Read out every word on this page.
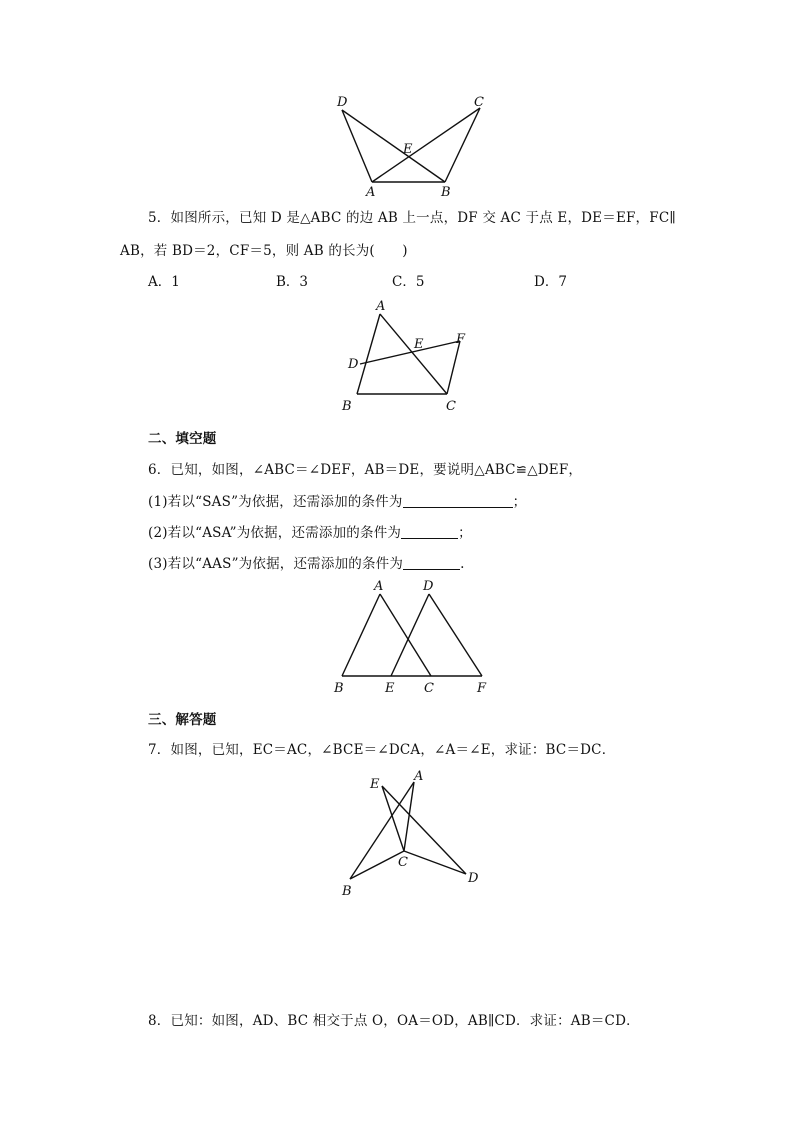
D	C
E
A	B
5．如图所示，已知 D 是△ABC 的边 AB 上一点，DF 交 AC 于点 E，DE＝EF，FC∥
AB，若 BD＝2，CF＝5，则 AB 的长为(　　)
A．1	B．3	C．5	D．7
A
E	F
D
B	C
二、填空题
6．已知，如图，∠ABC＝∠DEF，AB＝DE，要说明△ABC≌△DEF，
(1)若以“SAS”为依据，还需添加的条件为	；
(2)若以“ASA”为依据，还需添加的条件为	；
(3)若以“AAS”为依据，还需添加的条件为	.
A	D
B	E C	F
三、解答题
7．如图，已知，EC＝AC，∠BCE＝∠DCA，∠A＝∠E，求证：BC＝DC．
E
A
C
B
D
8．已知：如图，AD、BC 相交于点 O，OA＝OD，AB∥CD．求证：AB＝CD．
